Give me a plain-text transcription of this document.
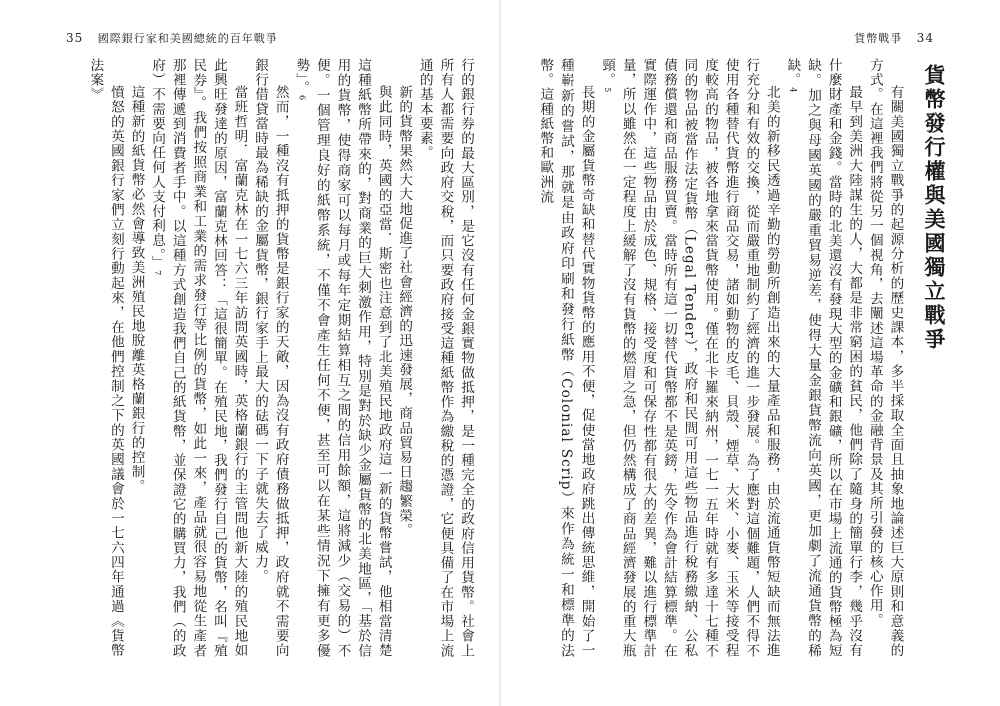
35 國際銀行家和美國總統的百年戰爭	貨幣戰爭 34
貨幣發行權與美國獨立戰爭

有關美國獨立戰爭的起源分析的歷史課本，多半採取全面且抽象地論述巨大原則和意義的方式。在這裡我們將從另一個視角，去闡述這場革命的金融背景及其所引發的核心作用。

最早到美洲大陸謀生的人，大都是非常窮困的貧民，他們除了隨身的簡單行李，幾乎沒有什麼財產和金錢。當時的北美還沒有發現大型的金礦和銀礦，所以在市場上流通的貨幣極為短缺。加之與母國英國的嚴重貿易逆差，使得大量金銀貨幣流向英國，更加劇了流通貨幣的稀缺。4

北美的新移民透過辛勤的勞動所創造出來的大量產品和服務，由於流通貨幣短缺而無法進行充分和有效的交換，從而嚴重地制約了經濟的進一步發展。為了應對這個難題，人們不得不使用各種替代貨幣進行商品交易，諸如動物的皮毛、貝殼、煙草、大米、小麥、玉米等接受程度較高的物品，被各地拿來當貨幣使用。僅在北卡羅來納州，一七一五年時就有多達十七種不同的物品被當作法定貨幣（Legal Tender），政府和民間可用這些物品進行稅務繳納、公私債務償還和商品服務買賣。當時所有這一切替代貨幣都不是英鎊，先令作為會計結算標準。在實際運作中，這些物品由於成色、規格、接受度和可保存性都有很大的差異，難以進行標準計量，所以雖然在一定程度上緩解了沒有貨幣的燃眉之急，但仍然構成了商品經濟發展的重大瓶頸。5

長期的金屬貨幣奇缺和替代實物貨幣的應用不便，促使當地政府跳出傳統思維，開始了一種嶄新的嘗試，那就是由政府印刷和發行紙幣（Colonial Scrip）來作為統一和標準的法幣。這種紙幣和歐洲流

行的銀行券的最大區別，是它沒有任何金銀實物做抵押，是一種完全的政府信用貨幣。社會上所有人都需要向政府交稅，而只要政府接受這種紙幣作為繳稅的憑證，它便具備了在市場上流通的基本要素。

新的貨幣果然大大地促進了社會經濟的迅速發展，商品貿易日趨繁榮。

與此同時，英國的亞當．斯密也注意到了北美殖民地政府這一新的貨幣嘗試，他相當清楚這種紙幣所帶來的，對商業的巨大刺激作用，特別是對於缺少金屬貨幣的北美地區，「基於信用的貨幣，使得商家可以每月或每年定期結算相互之間的信用餘額，這將減少（交易的）不便。一個管理良好的紙幣系統，不僅不會產生任何不便，甚至可以在某些情況下擁有更多優勢」。6

然而，一種沒有抵押的貨幣是銀行家的天敵，因為沒有政府債務做抵押，政府就不需要向銀行借貸當時最為稀缺的金屬貨幣，銀行家手上最大的砝碼一下子就失去了威力。

當班哲明．富蘭克林在一七六三年訪問英國時，英格蘭銀行的主管問他新大陸的殖民地如此興旺發達的原因，富蘭克林回答：「這很簡單。在殖民地，我們發行自己的貨幣，名叫『殖民券』。我們按照商業和工業的需求發行等比例的貨幣，如此一來，產品就很容易地從生產者那裡傳遞到消費者手中。以這種方式創造我們自己的紙貨幣，並保證它的購買力，我們（的政府）不需要向任何人支付利息。」7

這種新的紙貨幣必然會導致美洲殖民地脫離英格蘭銀行的控制。

憤怒的英國銀行家們立刻行動起來，在他們控制之下的英國議會於一七六四年通過《貨幣法案》
